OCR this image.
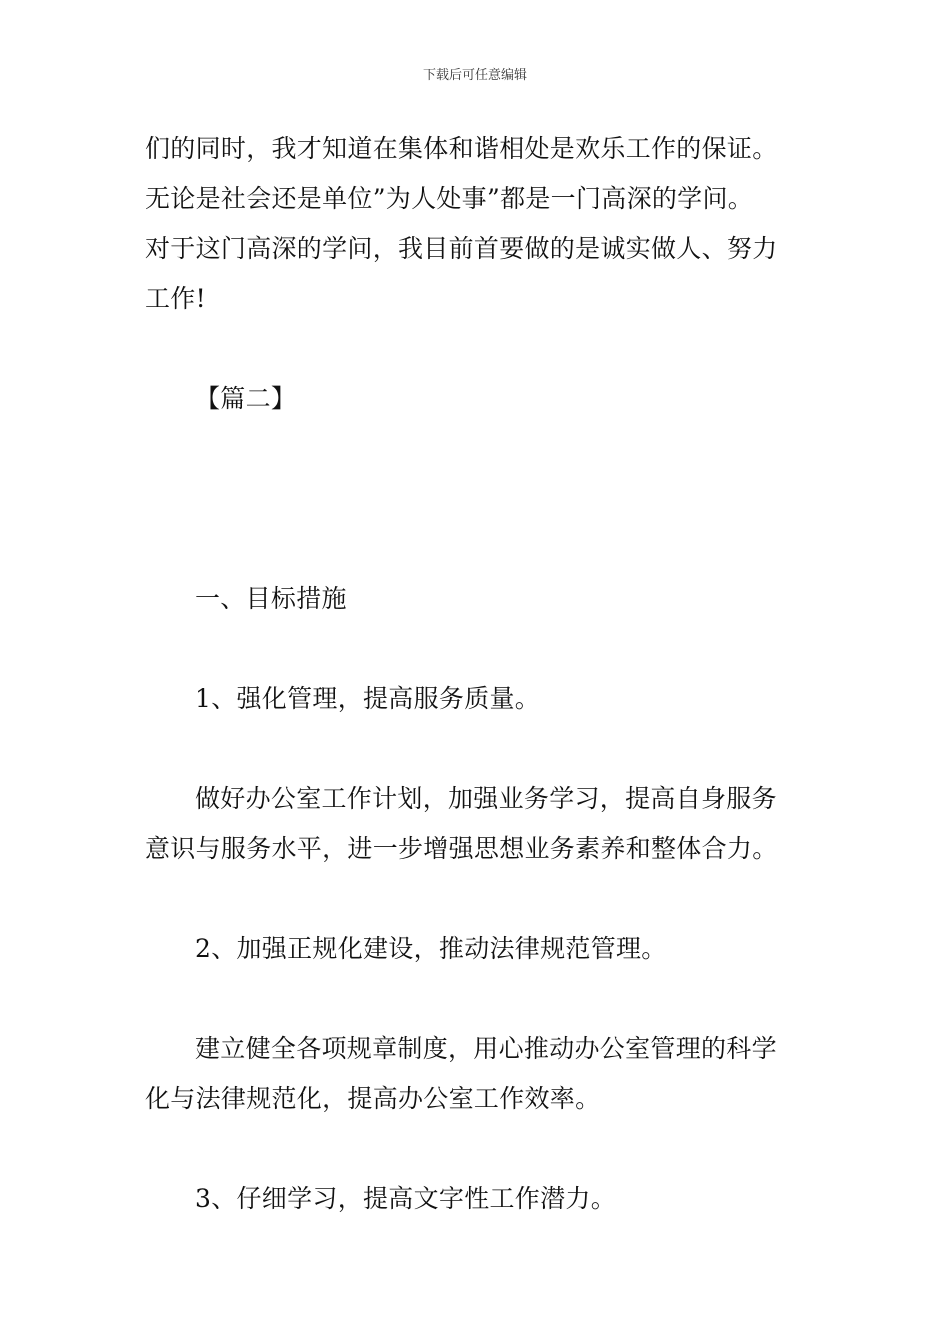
下载后可任意编辑
们的同时，我才知道在集体和谐相处是欢乐工作的保证。
无论是社会还是单位”为人处事”都是一门高深的学问。
对于这门高深的学问，我目前首要做的是诚实做人、努力
工作!
【篇二】
一、目标措施
1、强化管理，提高服务质量。
做好办公室工作计划，加强业务学习，提高自身服务
意识与服务水平，进一步增强思想业务素养和整体合力。
2、加强正规化建设，推动法律规范管理。
建立健全各项规章制度，用心推动办公室管理的科学
化与法律规范化，提高办公室工作效率。
3、仔细学习，提高文字性工作潜力。
